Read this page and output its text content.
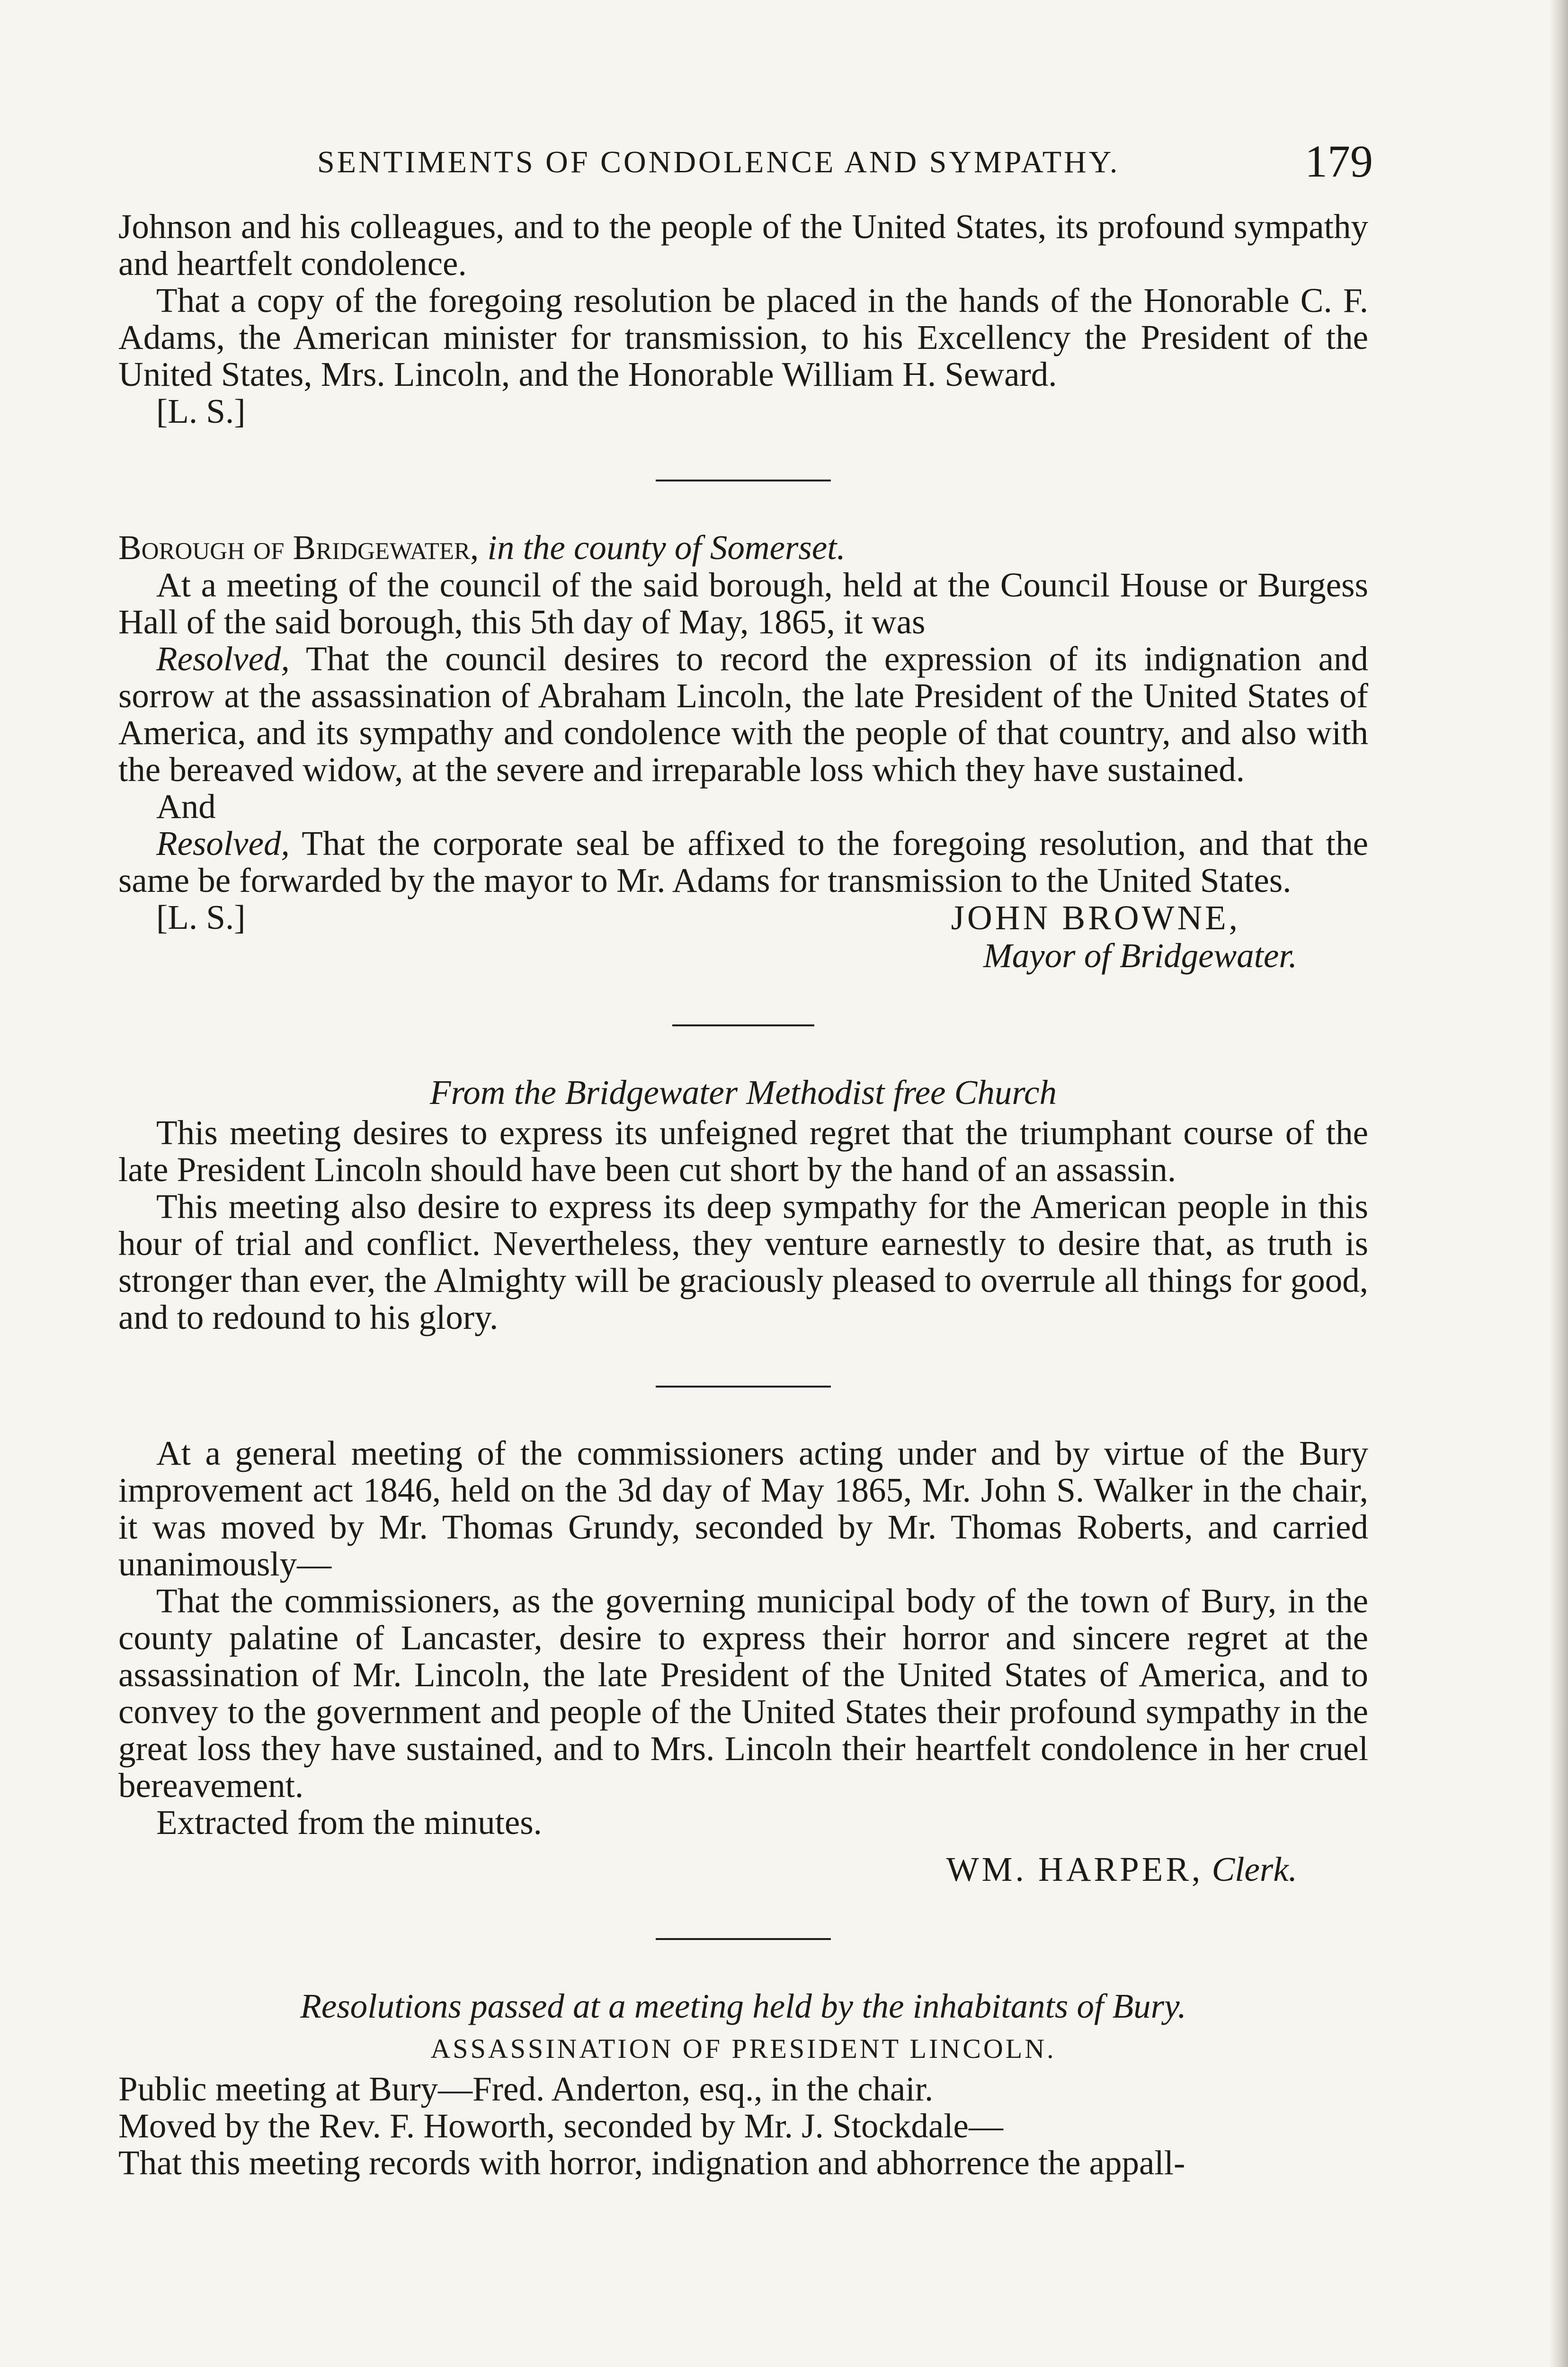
SENTIMENTS OF CONDOLENCE AND SYMPATHY.	179

Johnson and his colleagues, and to the people of the United States, its profound sympathy and heartfelt condolence.

That a copy of the foregoing resolution be placed in the hands of the Honorable C. F. Adams, the American minister for transmission, to his Excellency the President of the United States, Mrs. Lincoln, and the Honorable William H. Seward.

[L. S.]
Borough of Bridgewater, in the county of Somerset.

At a meeting of the council of the said borough, held at the Council House or Burgess Hall of the said borough, this 5th day of May, 1865, it was

Resolved, That the council desires to record the expression of its indignation and sorrow at the assassination of Abraham Lincoln, the late President of the United States of America, and its sympathy and condolence with the people of that country, and also with the bereaved widow, at the severe and irreparable loss which they have sustained.

And

Resolved, That the corporate seal be affixed to the foregoing resolution, and that the same be forwarded by the mayor to Mr. Adams for transmission to the United States.

[L. S.]	JOHN BROWNE,
Mayor of Bridgewater.
From the Bridgewater Methodist free Church

This meeting desires to express its unfeigned regret that the triumphant course of the late President Lincoln should have been cut short by the hand of an assassin.

This meeting also desire to express its deep sympathy for the American people in this hour of trial and conflict. Nevertheless, they venture earnestly to desire that, as truth is stronger than ever, the Almighty will be graciously pleased to overrule all things for good, and to redound to his glory.

At a general meeting of the commissioners acting under and by virtue of the Bury improvement act 1846, held on the 3d day of May 1865, Mr. John S. Walker in the chair, it was moved by Mr. Thomas Grundy, seconded by Mr. Thomas Roberts, and carried unanimously—

That the commissioners, as the governing municipal body of the town of Bury, in the county palatine of Lancaster, desire to express their horror and sincere regret at the assassination of Mr. Lincoln, the late President of the United States of America, and to convey to the government and people of the United States their profound sympathy in the great loss they have sustained, and to Mrs. Lincoln their heartfelt condolence in her cruel bereavement.

Extracted from the minutes.

WM. HARPER, Clerk.
Resolutions passed at a meeting held by the inhabitants of Bury.
ASSASSINATION OF PRESIDENT LINCOLN.

Public meeting at Bury—Fred. Anderton, esq., in the chair.

Moved by the Rev. F. Howorth, seconded by Mr. J. Stockdale—

That this meeting records with horror, indignation and abhorrence the appall-
